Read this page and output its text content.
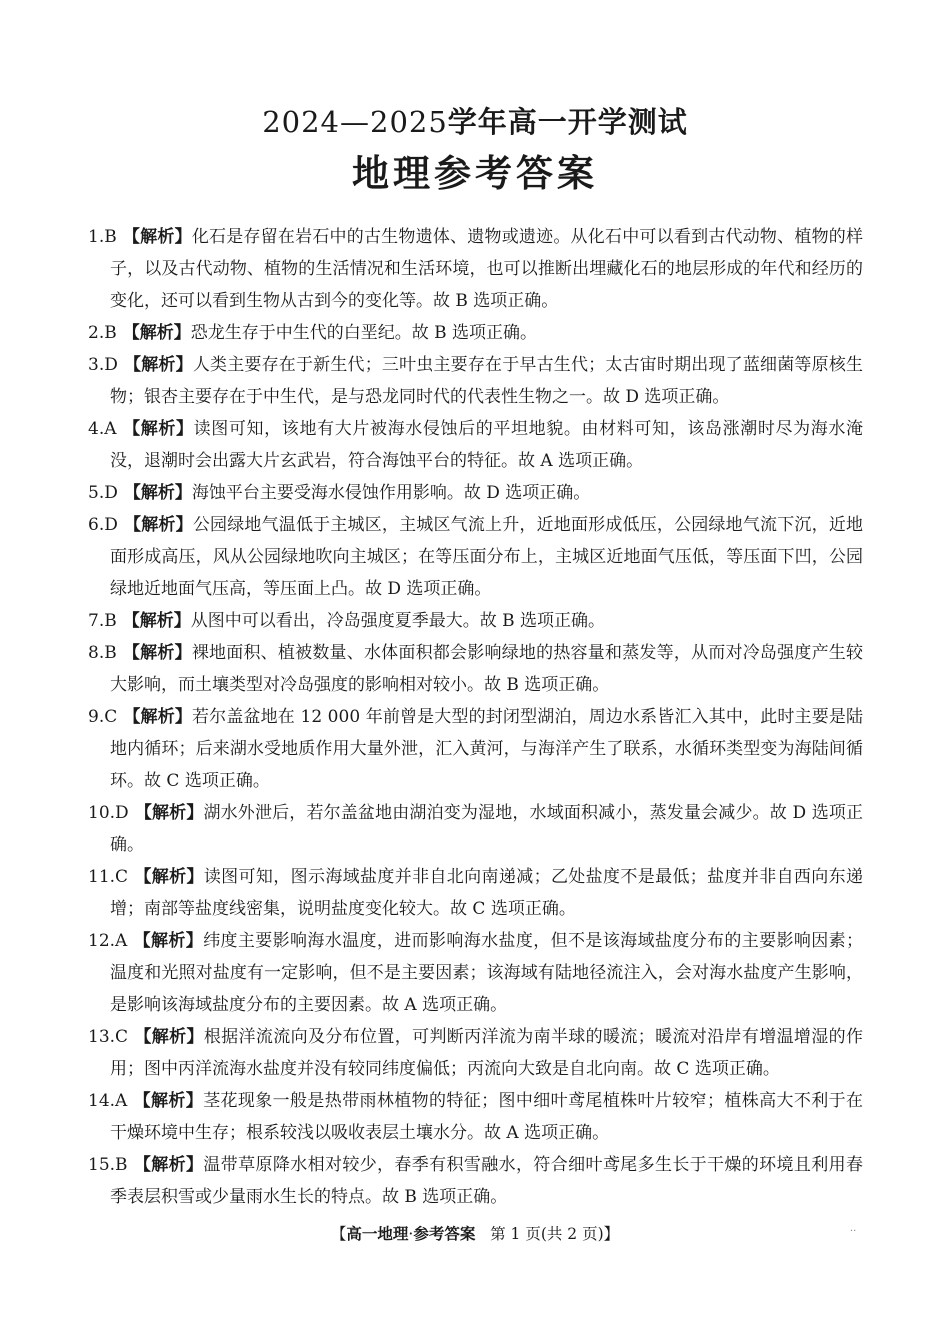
2024—2025学年高一开学测试
地理参考答案
1.B 【解析】化石是存留在岩石中的古生物遗体、遗物或遗迹。从化石中可以看到古代动物、植物的样子，以及古代动物、植物的生活情况和生活环境，也可以推断出埋藏化石的地层形成的年代和经历的变化，还可以看到生物从古到今的变化等。故 B 选项正确。
2.B 【解析】恐龙生存于中生代的白垩纪。故 B 选项正确。
3.D 【解析】人类主要存在于新生代；三叶虫主要存在于早古生代；太古宙时期出现了蓝细菌等原核生物；银杏主要存在于中生代，是与恐龙同时代的代表性生物之一。故 D 选项正确。
4.A 【解析】读图可知，该地有大片被海水侵蚀后的平坦地貌。由材料可知，该岛涨潮时尽为海水淹没，退潮时会出露大片玄武岩，符合海蚀平台的特征。故 A 选项正确。
5.D 【解析】海蚀平台主要受海水侵蚀作用影响。故 D 选项正确。
6.D 【解析】公园绿地气温低于主城区，主城区气流上升，近地面形成低压，公园绿地气流下沉，近地面形成高压，风从公园绿地吹向主城区；在等压面分布上，主城区近地面气压低，等压面下凹，公园绿地近地面气压高，等压面上凸。故 D 选项正确。
7.B 【解析】从图中可以看出，冷岛强度夏季最大。故 B 选项正确。
8.B 【解析】裸地面积、植被数量、水体面积都会影响绿地的热容量和蒸发等，从而对冷岛强度产生较大影响，而土壤类型对冷岛强度的影响相对较小。故 B 选项正确。
9.C 【解析】若尔盖盆地在 12 000 年前曾是大型的封闭型湖泊，周边水系皆汇入其中，此时主要是陆地内循环；后来湖水受地质作用大量外泄，汇入黄河，与海洋产生了联系，水循环类型变为海陆间循环。故 C 选项正确。
10.D 【解析】湖水外泄后，若尔盖盆地由湖泊变为湿地，水域面积减小，蒸发量会减少。故 D 选项正确。
11.C 【解析】读图可知，图示海域盐度并非自北向南递减；乙处盐度不是最低；盐度并非自西向东递增；南部等盐度线密集，说明盐度变化较大。故 C 选项正确。
12.A 【解析】纬度主要影响海水温度，进而影响海水盐度，但不是该海域盐度分布的主要影响因素；温度和光照对盐度有一定影响，但不是主要因素；该海域有陆地径流注入，会对海水盐度产生影响，是影响该海域盐度分布的主要因素。故 A 选项正确。
13.C 【解析】根据洋流流向及分布位置，可判断丙洋流为南半球的暖流；暖流对沿岸有增温增湿的作用；图中丙洋流海水盐度并没有较同纬度偏低；丙流向大致是自北向南。故 C 选项正确。
14.A 【解析】茎花现象一般是热带雨林植物的特征；图中细叶鸢尾植株叶片较窄；植株高大不利于在干燥环境中生存；根系较浅以吸收表层土壤水分。故 A 选项正确。
15.B 【解析】温带草原降水相对较少，春季有积雪融水，符合细叶鸢尾多生长于干燥的环境且利用春季表层积雪或少量雨水生长的特点。故 B 选项正确。
【高一地理·参考答案 第 1 页(共 2 页)】	··
